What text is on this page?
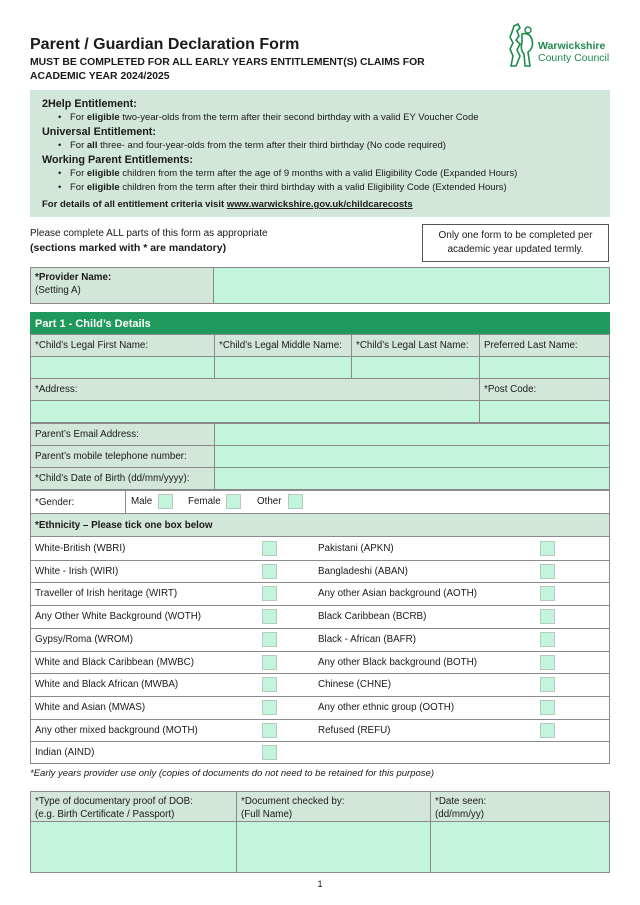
Parent / Guardian Declaration Form
MUST BE COMPLETED FOR ALL EARLY YEARS ENTITLEMENT(S) CLAIMS FOR ACADEMIC YEAR 2024/2025
Warwickshire
County Council
2Help Entitlement:
• For eligible two-year-olds from the term after their second birthday with a valid EY Voucher Code
Universal Entitlement:
• For all three- and four-year-olds from the term after their third birthday (No code required)
Working Parent Entitlements:
• For eligible children from the term after the age of 9 months with a valid Eligibility Code (Expanded Hours)
• For eligible children from the term after their third birthday with a valid Eligibility Code (Extended Hours)
For details of all entitlement criteria visit www.warwickshire.gov.uk/childcarecosts
Please complete ALL parts of this form as appropriate
(sections marked with * are mandatory)
Only one form to be completed per academic year updated termly.
*Provider Name:
(Setting A)
Part 1 - Child’s Details
*Child’s Legal First Name:	*Child’s Legal Middle Name:	*Child’s Legal Last Name:	Preferred Last Name:
*Address:	*Post Code:
Parent’s Email Address:
Parent’s mobile telephone number:
*Child’s Date of Birth (dd/mm/yyyy):
*Gender:	Male	Female	Other
*Ethnicity – Please tick one box below
White-British (WBRI)	Pakistani (APKN)
White - Irish (WIRI)	Bangladeshi (ABAN)
Traveller of Irish heritage (WIRT)	Any other Asian background (AOTH)
Any Other White Background (WOTH)	Black Caribbean (BCRB)
Gypsy/Roma (WROM)	Black - African (BAFR)
White and Black Caribbean (MWBC)	Any other Black background (BOTH)
White and Black African (MWBA)	Chinese (CHNE)
White and Asian (MWAS)	Any other ethnic group (OOTH)
Any other mixed background (MOTH)	Refused (REFU)
Indian (AIND)
*Early years provider use only (copies of documents do not need to be retained for this purpose)
*Type of documentary proof of DOB:
(e.g. Birth Certificate / Passport)
*Document checked by:
(Full Name)
*Date seen:
(dd/mm/yy)
1
